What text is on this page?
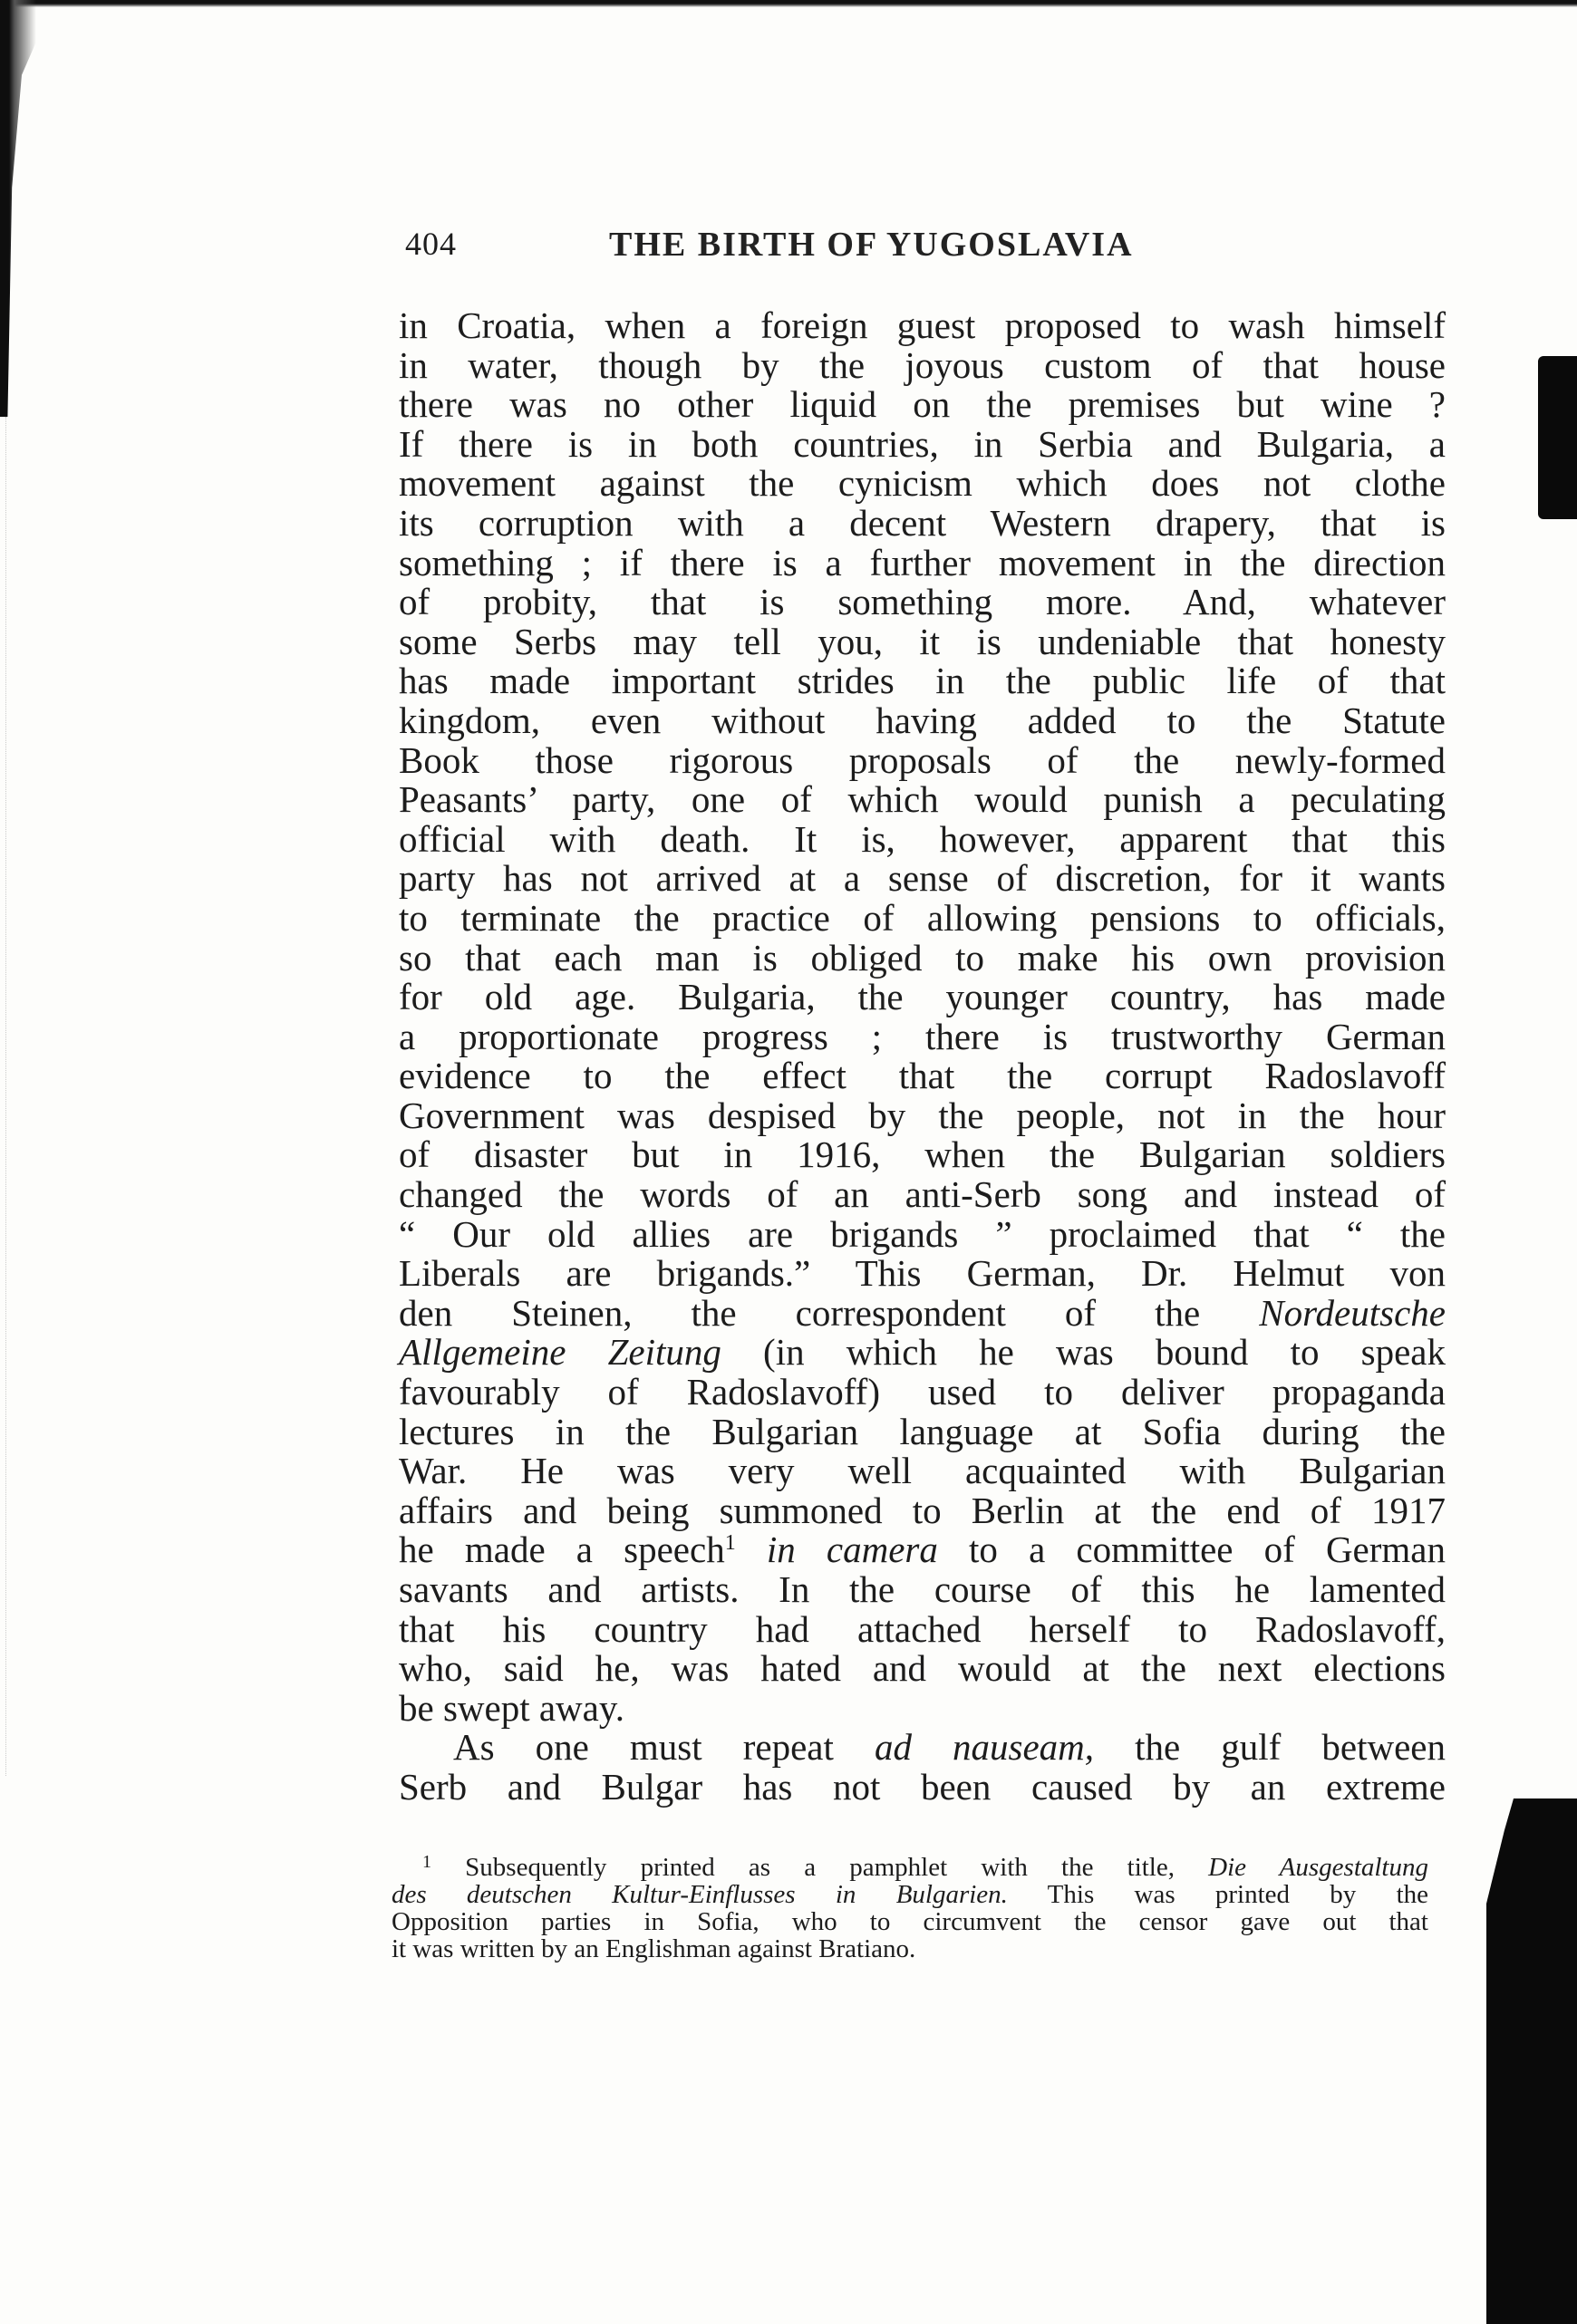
404	THE BIRTH OF YUGOSLAVIA
in Croatia, when a foreign guest proposed to wash himself
in water, though by the joyous custom of that house
there was no other liquid on the premises but wine ?
If there is in both countries, in Serbia and Bulgaria, a
movement against the cynicism which does not clothe
its corruption with a decent Western drapery, that is
something ; if there is a further movement in the direction
of probity, that is something more. And, whatever
some Serbs may tell you, it is undeniable that honesty
has made important strides in the public life of that
kingdom, even without having added to the Statute
Book those rigorous proposals of the newly-formed
Peasants’ party, one of which would punish a peculating
official with death. It is, however, apparent that this
party has not arrived at a sense of discretion, for it wants
to terminate the practice of allowing pensions to officials,
so that each man is obliged to make his own provision
for old age. Bulgaria, the younger country, has made
a proportionate progress ; there is trustworthy German
evidence to the effect that the corrupt Radoslavoff
Government was despised by the people, not in the hour
of disaster but in 1916, when the Bulgarian soldiers
changed the words of an anti-Serb song and instead of
“ Our old allies are brigands ” proclaimed that “ the
Liberals are brigands.” This German, Dr. Helmut von
den Steinen, the correspondent of the Nordeutsche
Allgemeine Zeitung (in which he was bound to speak
favourably of Radoslavoff) used to deliver propaganda
lectures in the Bulgarian language at Sofia during the
War. He was very well acquainted with Bulgarian
affairs and being summoned to Berlin at the end of 1917
he made a speech$^1$ in camera to a committee of German
savants and artists. In the course of this he lamented
that his country had attached herself to Radoslavoff,
who, said he, was hated and would at the next elections
be swept away.
As one must repeat ad nauseam, the gulf between
Serb and Bulgar has not been caused by an extreme
$^1$ Subsequently printed as a pamphlet with the title, Die Ausgestaltung
des deutschen Kultur-Einflusses in Bulgarien. This was printed by the
Opposition parties in Sofia, who to circumvent the censor gave out that
it was written by an Englishman against Bratiano.
